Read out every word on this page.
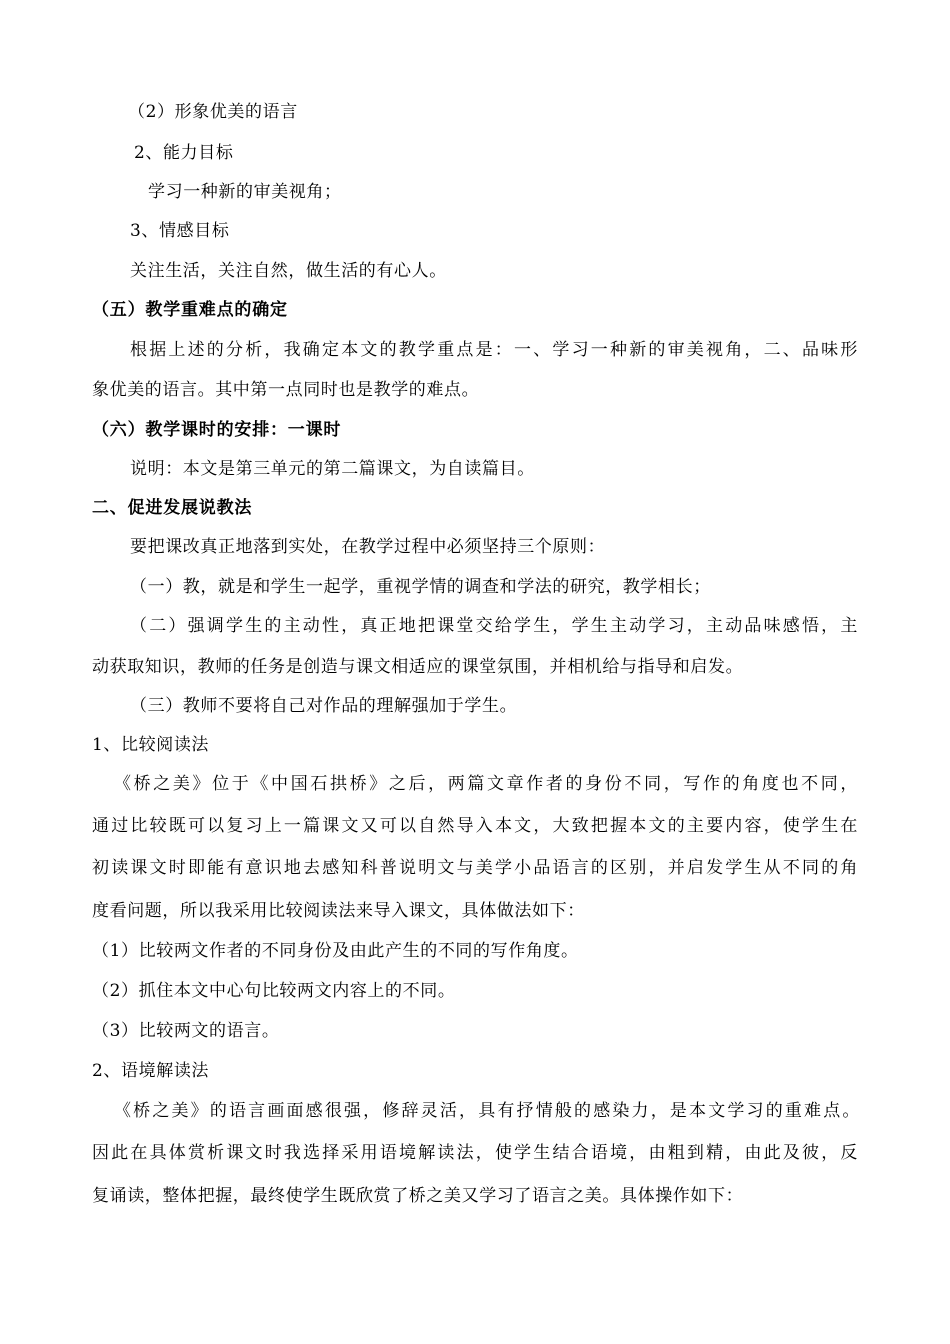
（2）形象优美的语言
2、能力目标
学习一种新的审美视角；
3、情感目标
关注生活，关注自然，做生活的有心人。
（五）教学重难点的确定
根据上述的分析，我确定本文的教学重点是：一、学习一种新的审美视角，二、品味形
象优美的语言。其中第一点同时也是教学的难点。
（六）教学课时的安排：一课时
说明：本文是第三单元的第二篇课文，为自读篇目。
二、促进发展说教法
要把课改真正地落到实处，在教学过程中必须坚持三个原则：
（一）教，就是和学生一起学，重视学情的调查和学法的研究，教学相长；
（二）强调学生的主动性，真正地把课堂交给学生，学生主动学习，主动品味感悟，主
动获取知识，教师的任务是创造与课文相适应的课堂氛围，并相机给与指导和启发。
（三）教师不要将自己对作品的理解强加于学生。
1、比较阅读法
《桥之美》位于《中国石拱桥》之后，两篇文章作者的身份不同，写作的角度也不同，
通过比较既可以复习上一篇课文又可以自然导入本文，大致把握本文的主要内容，使学生在
初读课文时即能有意识地去感知科普说明文与美学小品语言的区别，并启发学生从不同的角
度看问题，所以我采用比较阅读法来导入课文，具体做法如下：
（1）比较两文作者的不同身份及由此产生的不同的写作角度。
（2）抓住本文中心句比较两文内容上的不同。
（3）比较两文的语言。
2、语境解读法
《桥之美》的语言画面感很强，修辞灵活，具有抒情般的感染力，是本文学习的重难点。
因此在具体赏析课文时我选择采用语境解读法，使学生结合语境，由粗到精，由此及彼，反
复诵读，整体把握，最终使学生既欣赏了桥之美又学习了语言之美。具体操作如下：
